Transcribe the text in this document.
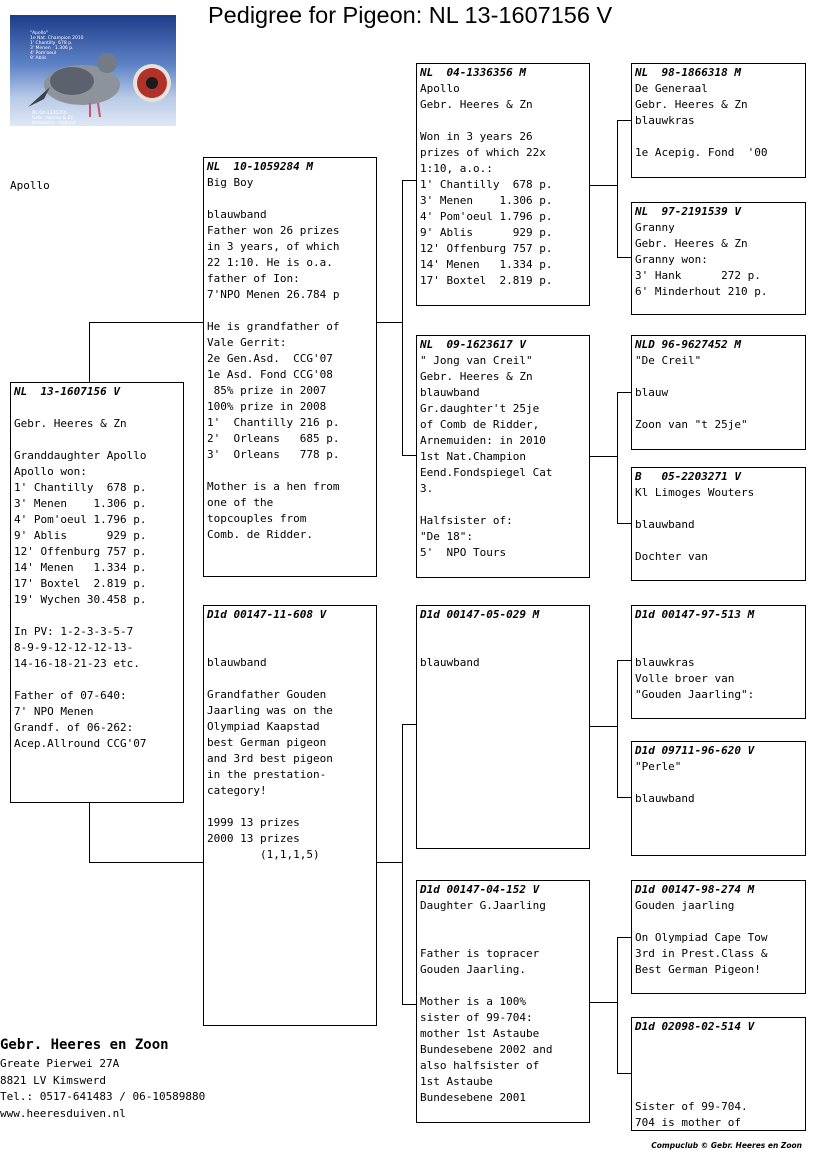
Pedigree for Pigeon: NL 13-1607156 V

"Apollo"
1e Nat. Champion 2010
1' Chantilly  678 p.
3' Menen   1.306 p.
4' Pom'oeul
9' Ablis

NL 04-1336356
Gebr. Heeres & Zn
Kimswerd - Holland
www.heeresduiven.nl

Apollo
NL  13-1607156 V

Gebr. Heeres & Zn

Granddaughter Apollo
Apollo won:
1' Chantilly  678 p.
3' Menen    1.306 p.
4' Pom'oeul 1.796 p.
9' Ablis      929 p.
12' Offenburg 757 p.
14' Menen   1.334 p.
17' Boxtel  2.819 p.
19' Wychen 30.458 p.

In PV: 1-2-3-3-5-7
8-9-9-12-12-12-13-
14-16-18-21-23 etc.

Father of 07-640:
7' NPO Menen
Grandf. of 06-262:
Acep.Allround CCG'07
NL  10-1059284 M
Big Boy

blauwband
Father won 26 prizes
in 3 years, of which
22 1:10. He is o.a.
father of Ion:
7'NPO Menen 26.784 p

He is grandfather of
Vale Gerrit:
2e Gen.Asd.  CCG'07
1e Asd. Fond CCG'08
85% prize in 2007
100% prize in 2008
1'  Chantilly 216 p.
2'  Orleans   685 p.
3'  Orleans   778 p.

Mother is a hen from
one of the
topcouples from
Comb. de Ridder.
D1d 00147-11-608 V

blauwband

Grandfather Gouden
Jaarling was on the
Olympiad Kaapstad
best German pigeon
and 3rd best pigeon
in the prestation-
category!

1999 13 prizes
2000 13 prizes
(1,1,1,5)
NL  04-1336356 M
Apollo
Gebr. Heeres & Zn

Won in 3 years 26
prizes of which 22x
1:10, a.o.:
1' Chantilly  678 p.
3' Menen    1.306 p.
4' Pom'oeul 1.796 p.
9' Ablis      929 p.
12' Offenburg 757 p.
14' Menen   1.334 p.
17' Boxtel  2.819 p.
NL  09-1623617 V
" Jong van Creil"
Gebr. Heeres & Zn
blauwband
Gr.daughter't 25je
of Comb de Ridder,
Arnemuiden: in 2010
1st Nat.Champion
Eend.Fondspiegel Cat
3.

Halfsister of:
"De 18":
5'  NPO Tours
D1d 00147-05-029 M

blauwband
D1d 00147-04-152 V
Daughter G.Jaarling

Father is topracer
Gouden Jaarling.

Mother is a 100%
sister of 99-704:
mother 1st Astaube
Bundesebene 2002 and
also halfsister of
1st Astaube
Bundesebene 2001
NL  98-1866318 M
De Generaal
Gebr. Heeres & Zn
blauwkras

1e Acepig. Fond  '00
NL  97-2191539 V
Granny
Gebr. Heeres & Zn
Granny won:
3' Hank      272 p.
6' Minderhout 210 p.
NLD 96-9627452 M
"De Creil"

blauw

Zoon van "t 25je"
B   05-2203271 V
Kl Limoges Wouters

blauwband

Dochter van
D1d 00147-97-513 M

blauwkras
Volle broer van
"Gouden Jaarling":
D1d 09711-96-620 V
"Perle"

blauwband
D1d 00147-98-274 M
Gouden jaarling

On Olympiad Cape Tow
3rd in Prest.Class &
Best German Pigeon!
D1d 02098-02-514 V

Sister of 99-704.
704 is mother of
Gebr. Heeres en Zoon
Greate Pierwei 27A
8821 LV Kimswerd
Tel.: 0517-641483 / 06-10589880
www.heeresduiven.nl
Compuclub © Gebr. Heeres en Zoon
